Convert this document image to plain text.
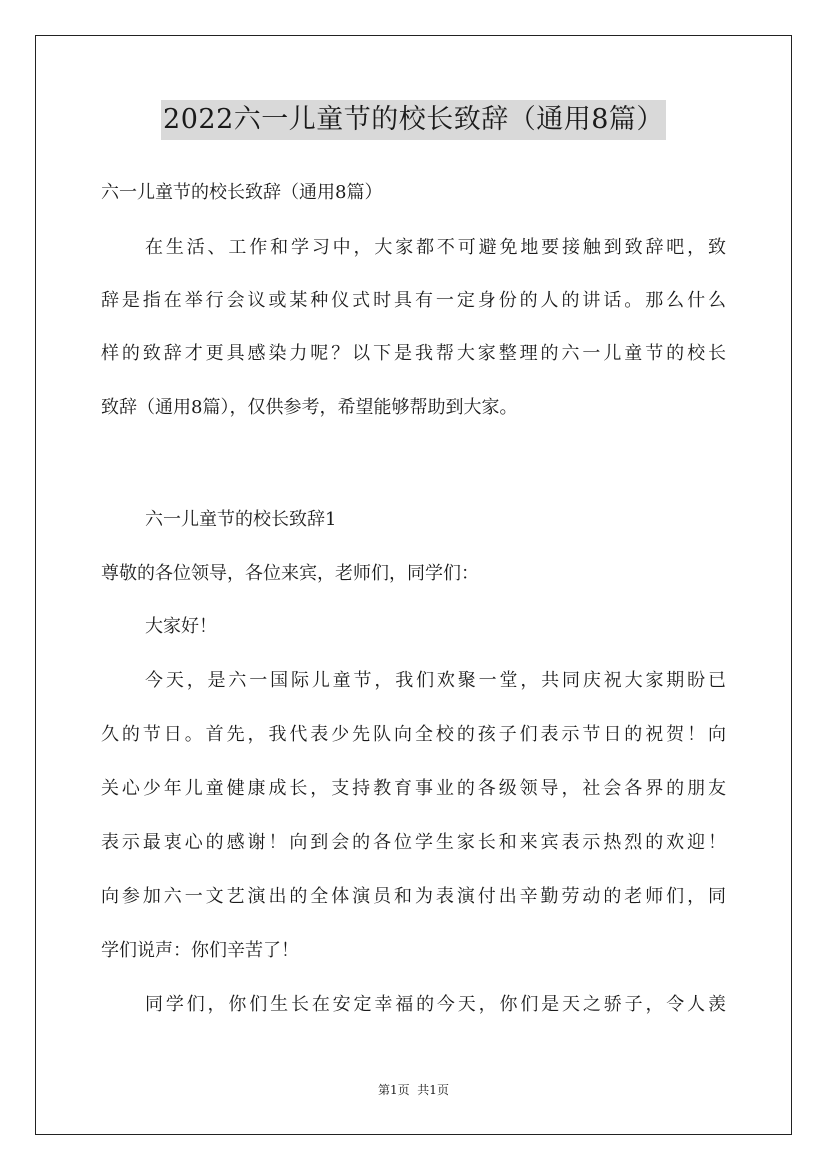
2022六一儿童节的校长致辞（通用8篇）
六一儿童节的校长致辞（通用8篇）
在生活、工作和学习中，大家都不可避免地要接触到致辞吧，致
辞是指在举行会议或某种仪式时具有一定身份的人的讲话。那么什么
样的致辞才更具感染力呢？以下是我帮大家整理的六一儿童节的校长
致辞（通用8篇），仅供参考，希望能够帮助到大家。
六一儿童节的校长致辞1
尊敬的各位领导，各位来宾，老师们，同学们：
大家好！
今天，是六一国际儿童节，我们欢聚一堂，共同庆祝大家期盼已
久的节日。首先，我代表少先队向全校的孩子们表示节日的祝贺！向
关心少年儿童健康成长，支持教育事业的各级领导，社会各界的朋友
表示最衷心的感谢！向到会的各位学生家长和来宾表示热烈的欢迎！
向参加六一文艺演出的全体演员和为表演付出辛勤劳动的老师们，同
学们说声：你们辛苦了！
同学们，你们生长在安定幸福的今天，你们是天之骄子，令人羡
第1页  共1页
